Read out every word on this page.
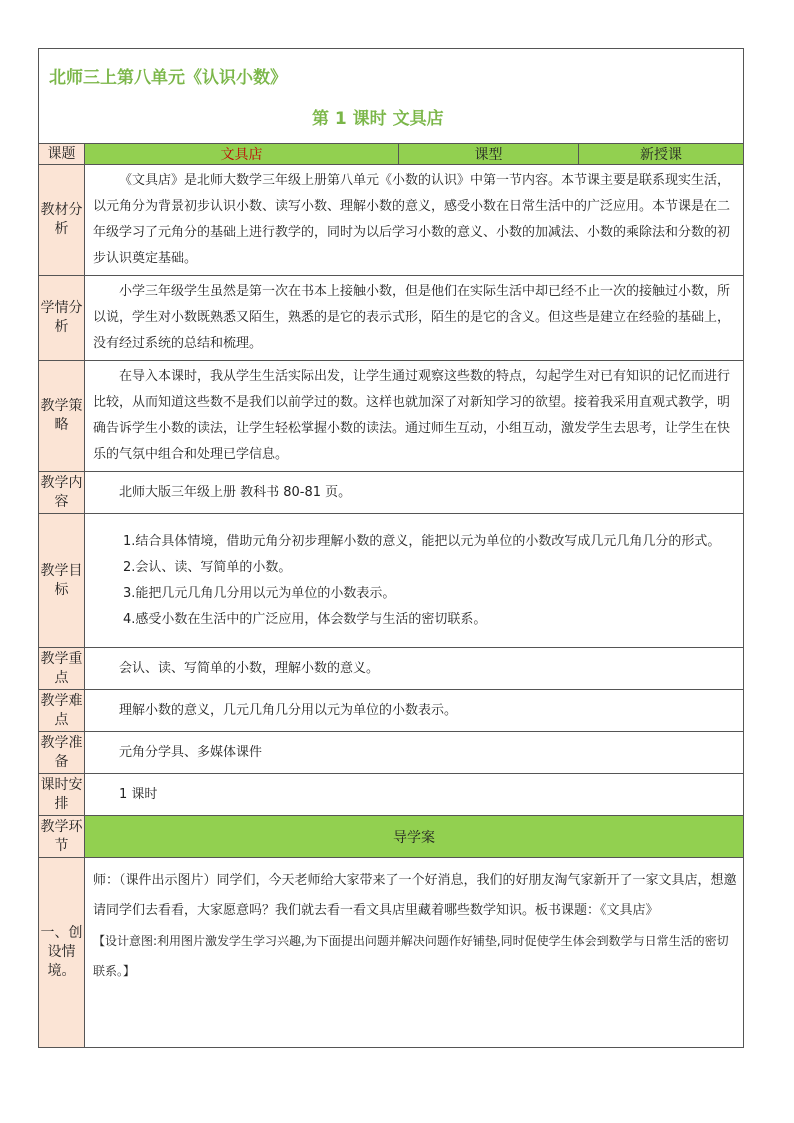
北师三上第八单元《认识小数》
第 1 课时 文具店			

课题	文具店	课型	新授课
教材分析	《文具店》是北师大数学三年级上册第八单元《小数的认识》中第一节内容。本节课主要是联系现实生活，以元角分为背景初步认识小数、读写小数、理解小数的意义，感受小数在日常生活中的广泛应用。本节课是在二年级学习了元角分的基础上进行教学的，同时为以后学习小数的意义、小数的加减法、小数的乘除法和分数的初步认识奠定基础。		

学情分析	小学三年级学生虽然是第一次在书本上接触小数，但是他们在实际生活中却已经不止一次的接触过小数，所以说，学生对小数既熟悉又陌生，熟悉的是它的表示式形，陌生的是它的含义。但这些是建立在经验的基础上，没有经过系统的总结和梳理。		

教学策略	在导入本课时，我从学生生活实际出发，让学生通过观察这些数的特点，勾起学生对已有知识的记忆而进行比较，从而知道这些数不是我们以前学过的数。这样也就加深了对新知学习的欲望。接着我采用直观式教学，明确告诉学生小数的读法，让学生轻松掌握小数的读法。通过师生互动，小组互动，激发学生去思考，让学生在快乐的气氛中组合和处理已学信息。		

教学内容	北师大版三年级上册 教科书 80-81 页。		

教学目标	1.结合具体情境，借助元角分初步理解小数的意义，能把以元为单位的小数改写成几元几角几分的形式。

2.会认、读、写简单的小数。

3.能把几元几角几分用以元为单位的小数表示。

4.感受小数在生活中的广泛应用，体会数学与生活的密切联系。		

教学重点	会认、读、写简单的小数，理解小数的意义。		

教学难点	理解小数的意义，几元几角几分用以元为单位的小数表示。		

教学准备	元角分学具、多媒体课件		

课时安排	1 课时		

教学环节	导学案		
一、创设情境。	师：（课件出示图片）同学们，今天老师给大家带来了一个好消息，我们的好朋友淘气家新开了一家文具店，想邀请同学们去看看，大家愿意吗？我们就去看一看文具店里藏着哪些数学知识。板书课题：《文具店》

【设计意图:利用图片激发学生学习兴趣,为下面提出问题并解决问题作好铺垫,同时促使学生体会到数学与日常生活的密切联系。】		
